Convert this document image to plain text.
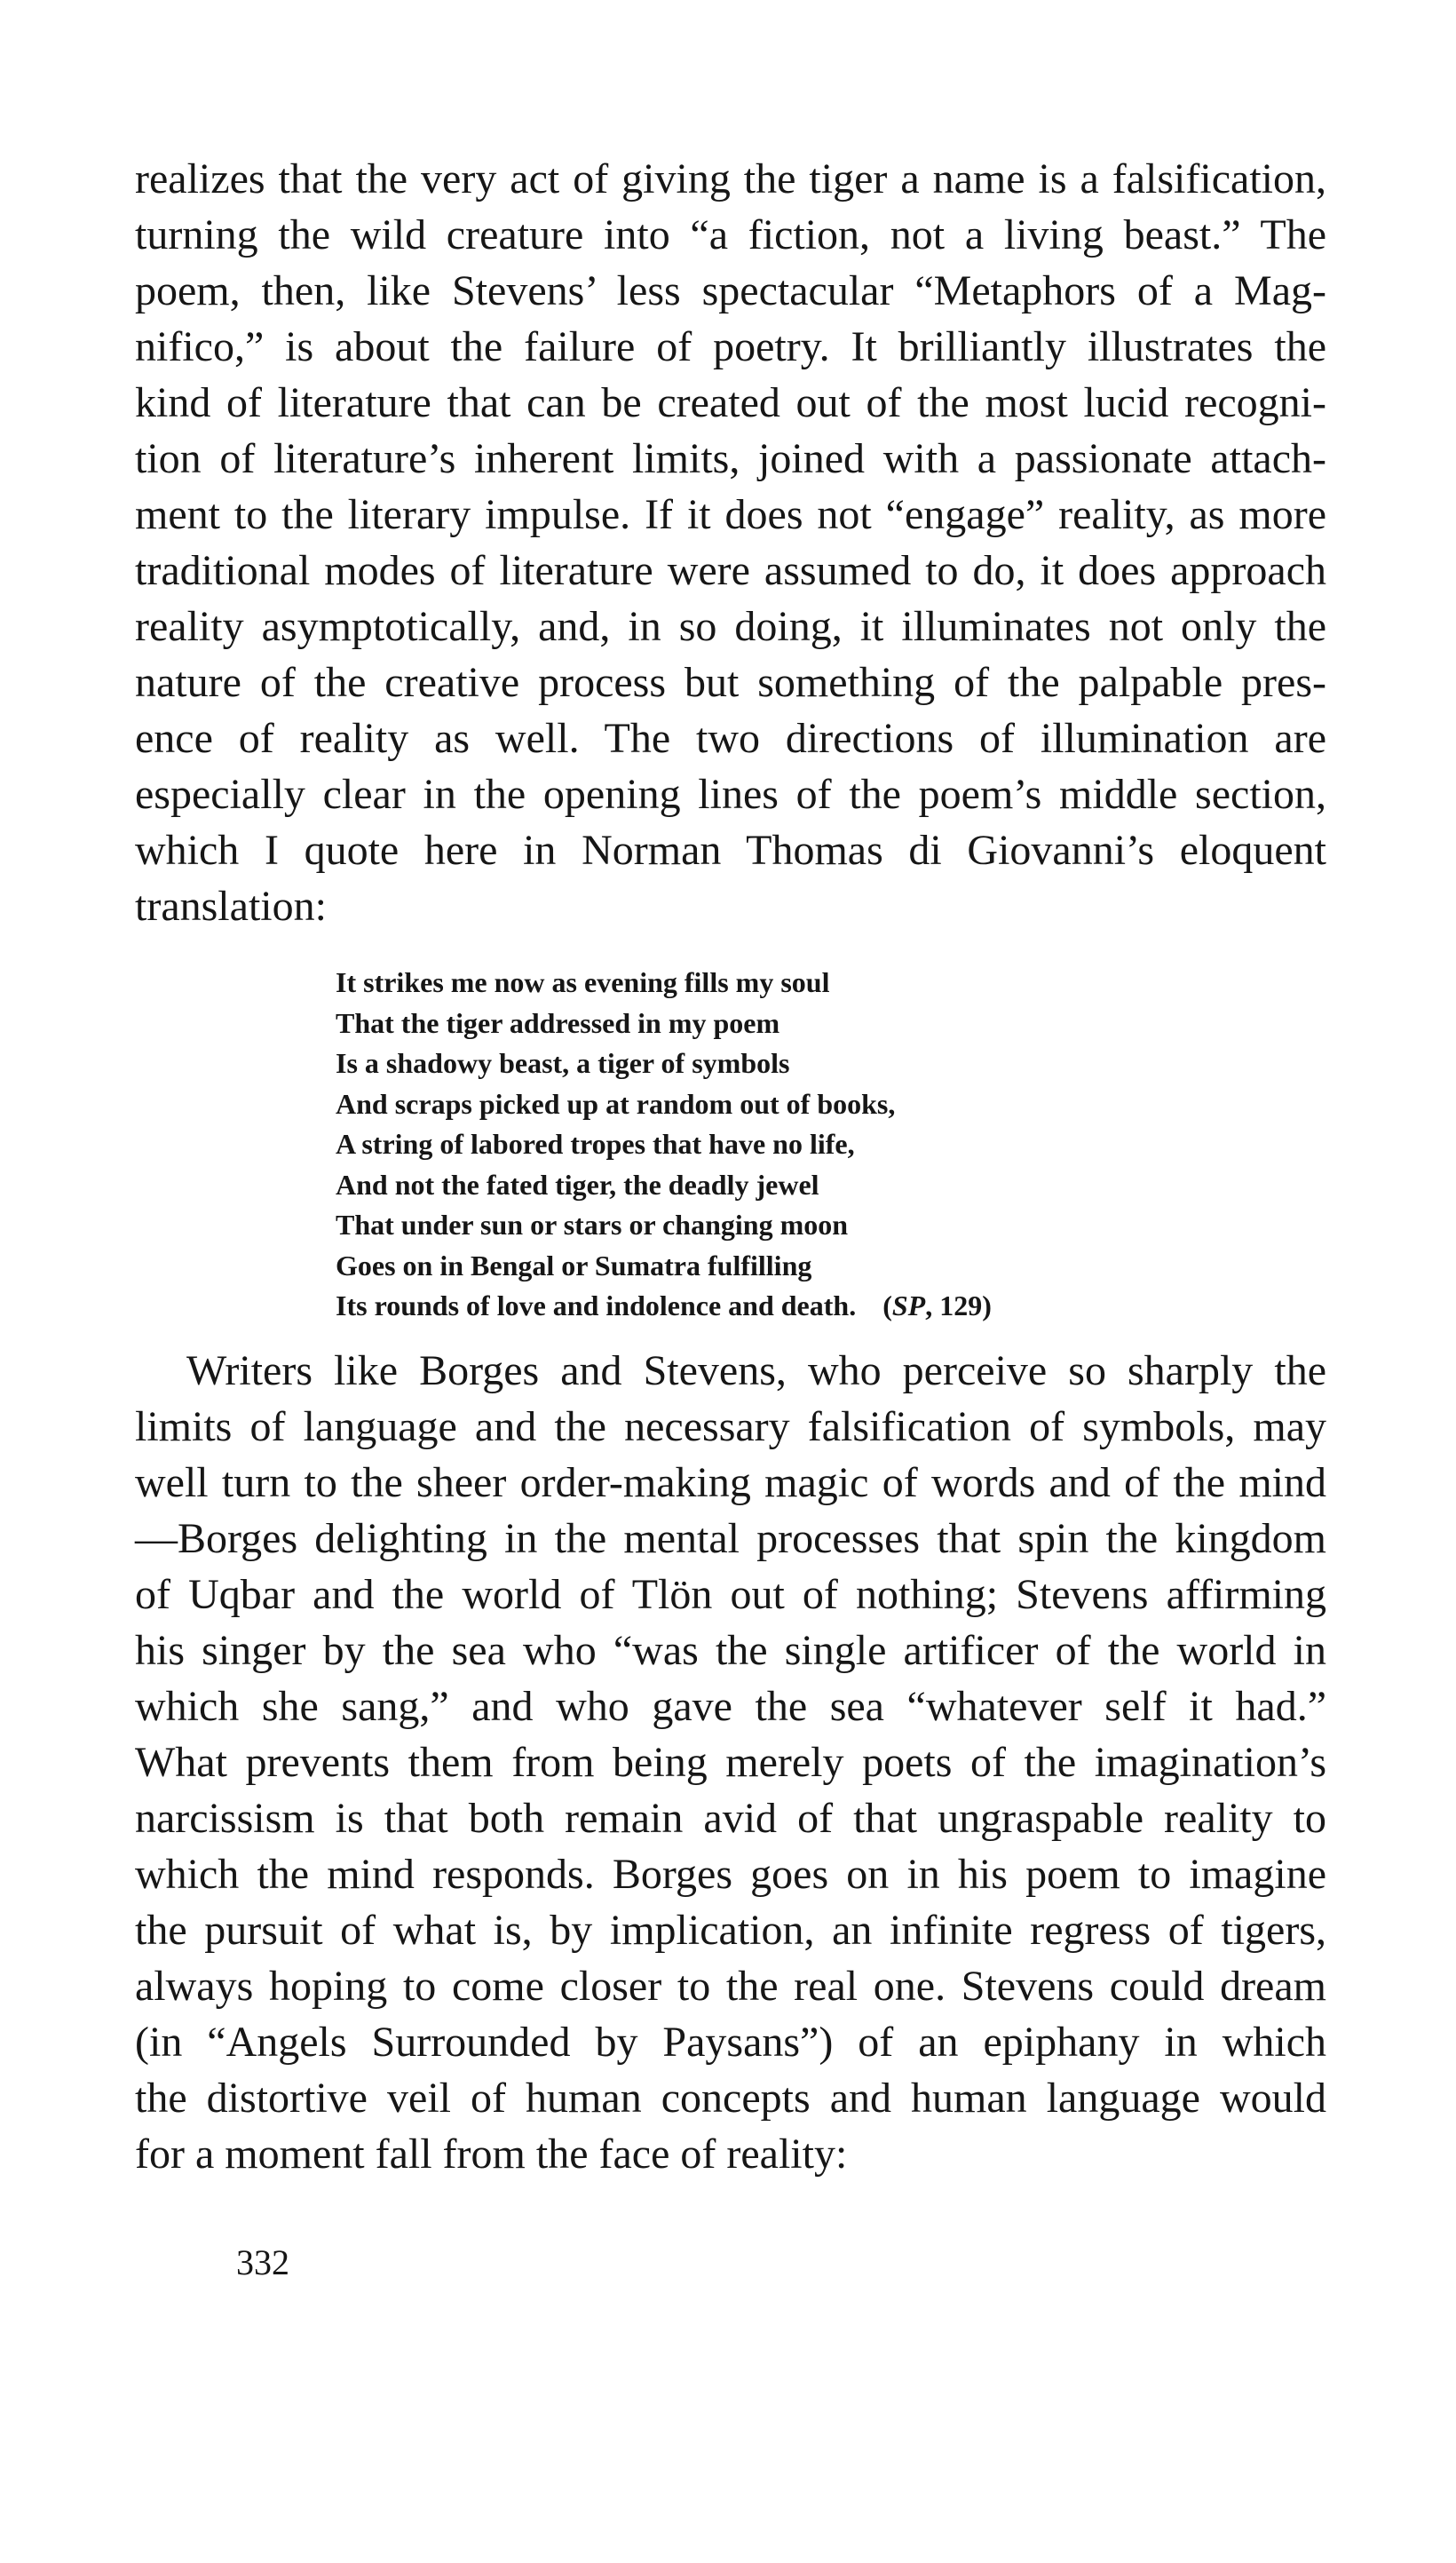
realizes that the very act of giving the tiger a name is a falsification,

turning the wild creature into “a fiction, not a living beast.” The

poem, then, like Stevens’ less spectacular “Metaphors of a Mag-

nifico,” is about the failure of poetry. It brilliantly illustrates the

kind of literature that can be created out of the most lucid recogni-

tion of literature’s inherent limits, joined with a passionate attach-

ment to the literary impulse. If it does not “engage” reality, as more

traditional modes of literature were assumed to do, it does approach

reality asymptotically, and, in so doing, it illuminates not only the

nature of the creative process but something of the palpable pres-

ence of reality as well. The two directions of illumination are

especially clear in the opening lines of the poem’s middle section,

which I quote here in Norman Thomas di Giovanni’s eloquent

translation:

It strikes me now as evening fills my soul
That the tiger addressed in my poem
Is a shadowy beast, a tiger of symbols
And scraps picked up at random out of books,
A string of labored tropes that have no life,
And not the fated tiger, the deadly jewel
That under sun or stars or changing moon
Goes on in Bengal or Sumatra fulfilling
Its rounds of love and indolence and death. (SP, 129)

Writers like Borges and Stevens, who perceive so sharply the

limits of language and the necessary falsification of symbols, may

well turn to the sheer order-making magic of words and of the mind

—Borges delighting in the mental processes that spin the kingdom

of Uqbar and the world of Tlön out of nothing; Stevens affirming

his singer by the sea who “was the single artificer of the world in

which she sang,” and who gave the sea “whatever self it had.”

What prevents them from being merely poets of the imagination’s

narcissism is that both remain avid of that ungraspable reality to

which the mind responds. Borges goes on in his poem to imagine

the pursuit of what is, by implication, an infinite regress of tigers,

always hoping to come closer to the real one. Stevens could dream

(in “Angels Surrounded by Paysans”) of an epiphany in which

the distortive veil of human concepts and human language would

for a moment fall from the face of reality:

332
